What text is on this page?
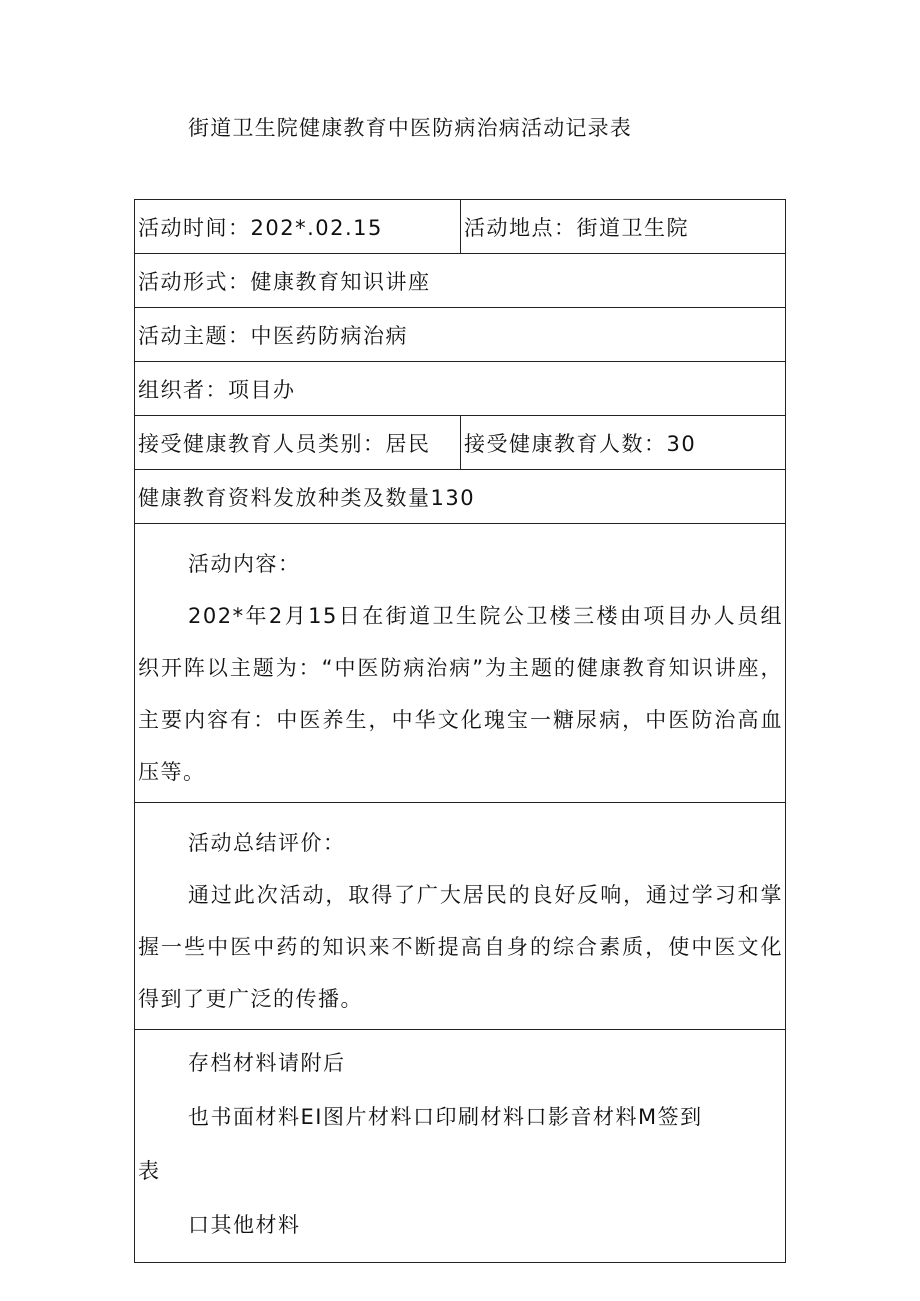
街道卫生院健康教育中医防病治病活动记录表
活动时间：202*.02.15	活动地点：街道卫生院
活动形式：健康教育知识讲座	
活动主题：中医药防病治病	
组织者：项目办	
接受健康教育人员类别：居民	接受健康教育人数：30
健康教育资料发放种类及数量130	

活动内容：

202*年2月15日在街道卫生院公卫楼三楼由项目办人员组织开阵以主题为：“中医防病治病”为主题的健康教育知识讲座，主要内容有：中医养生，中华文化瑰宝一糖尿病，中医防治高血压等。	

活动总结评价：

通过此次活动，取得了广大居民的良好反响，通过学习和掌握一些中医中药的知识来不断提高自身的综合素质，使中医文化得到了更广泛的传播。	

存档材料请附后

也书面材料EI图片材料口印刷材料口影音材料M签到

表

口其他材料	
